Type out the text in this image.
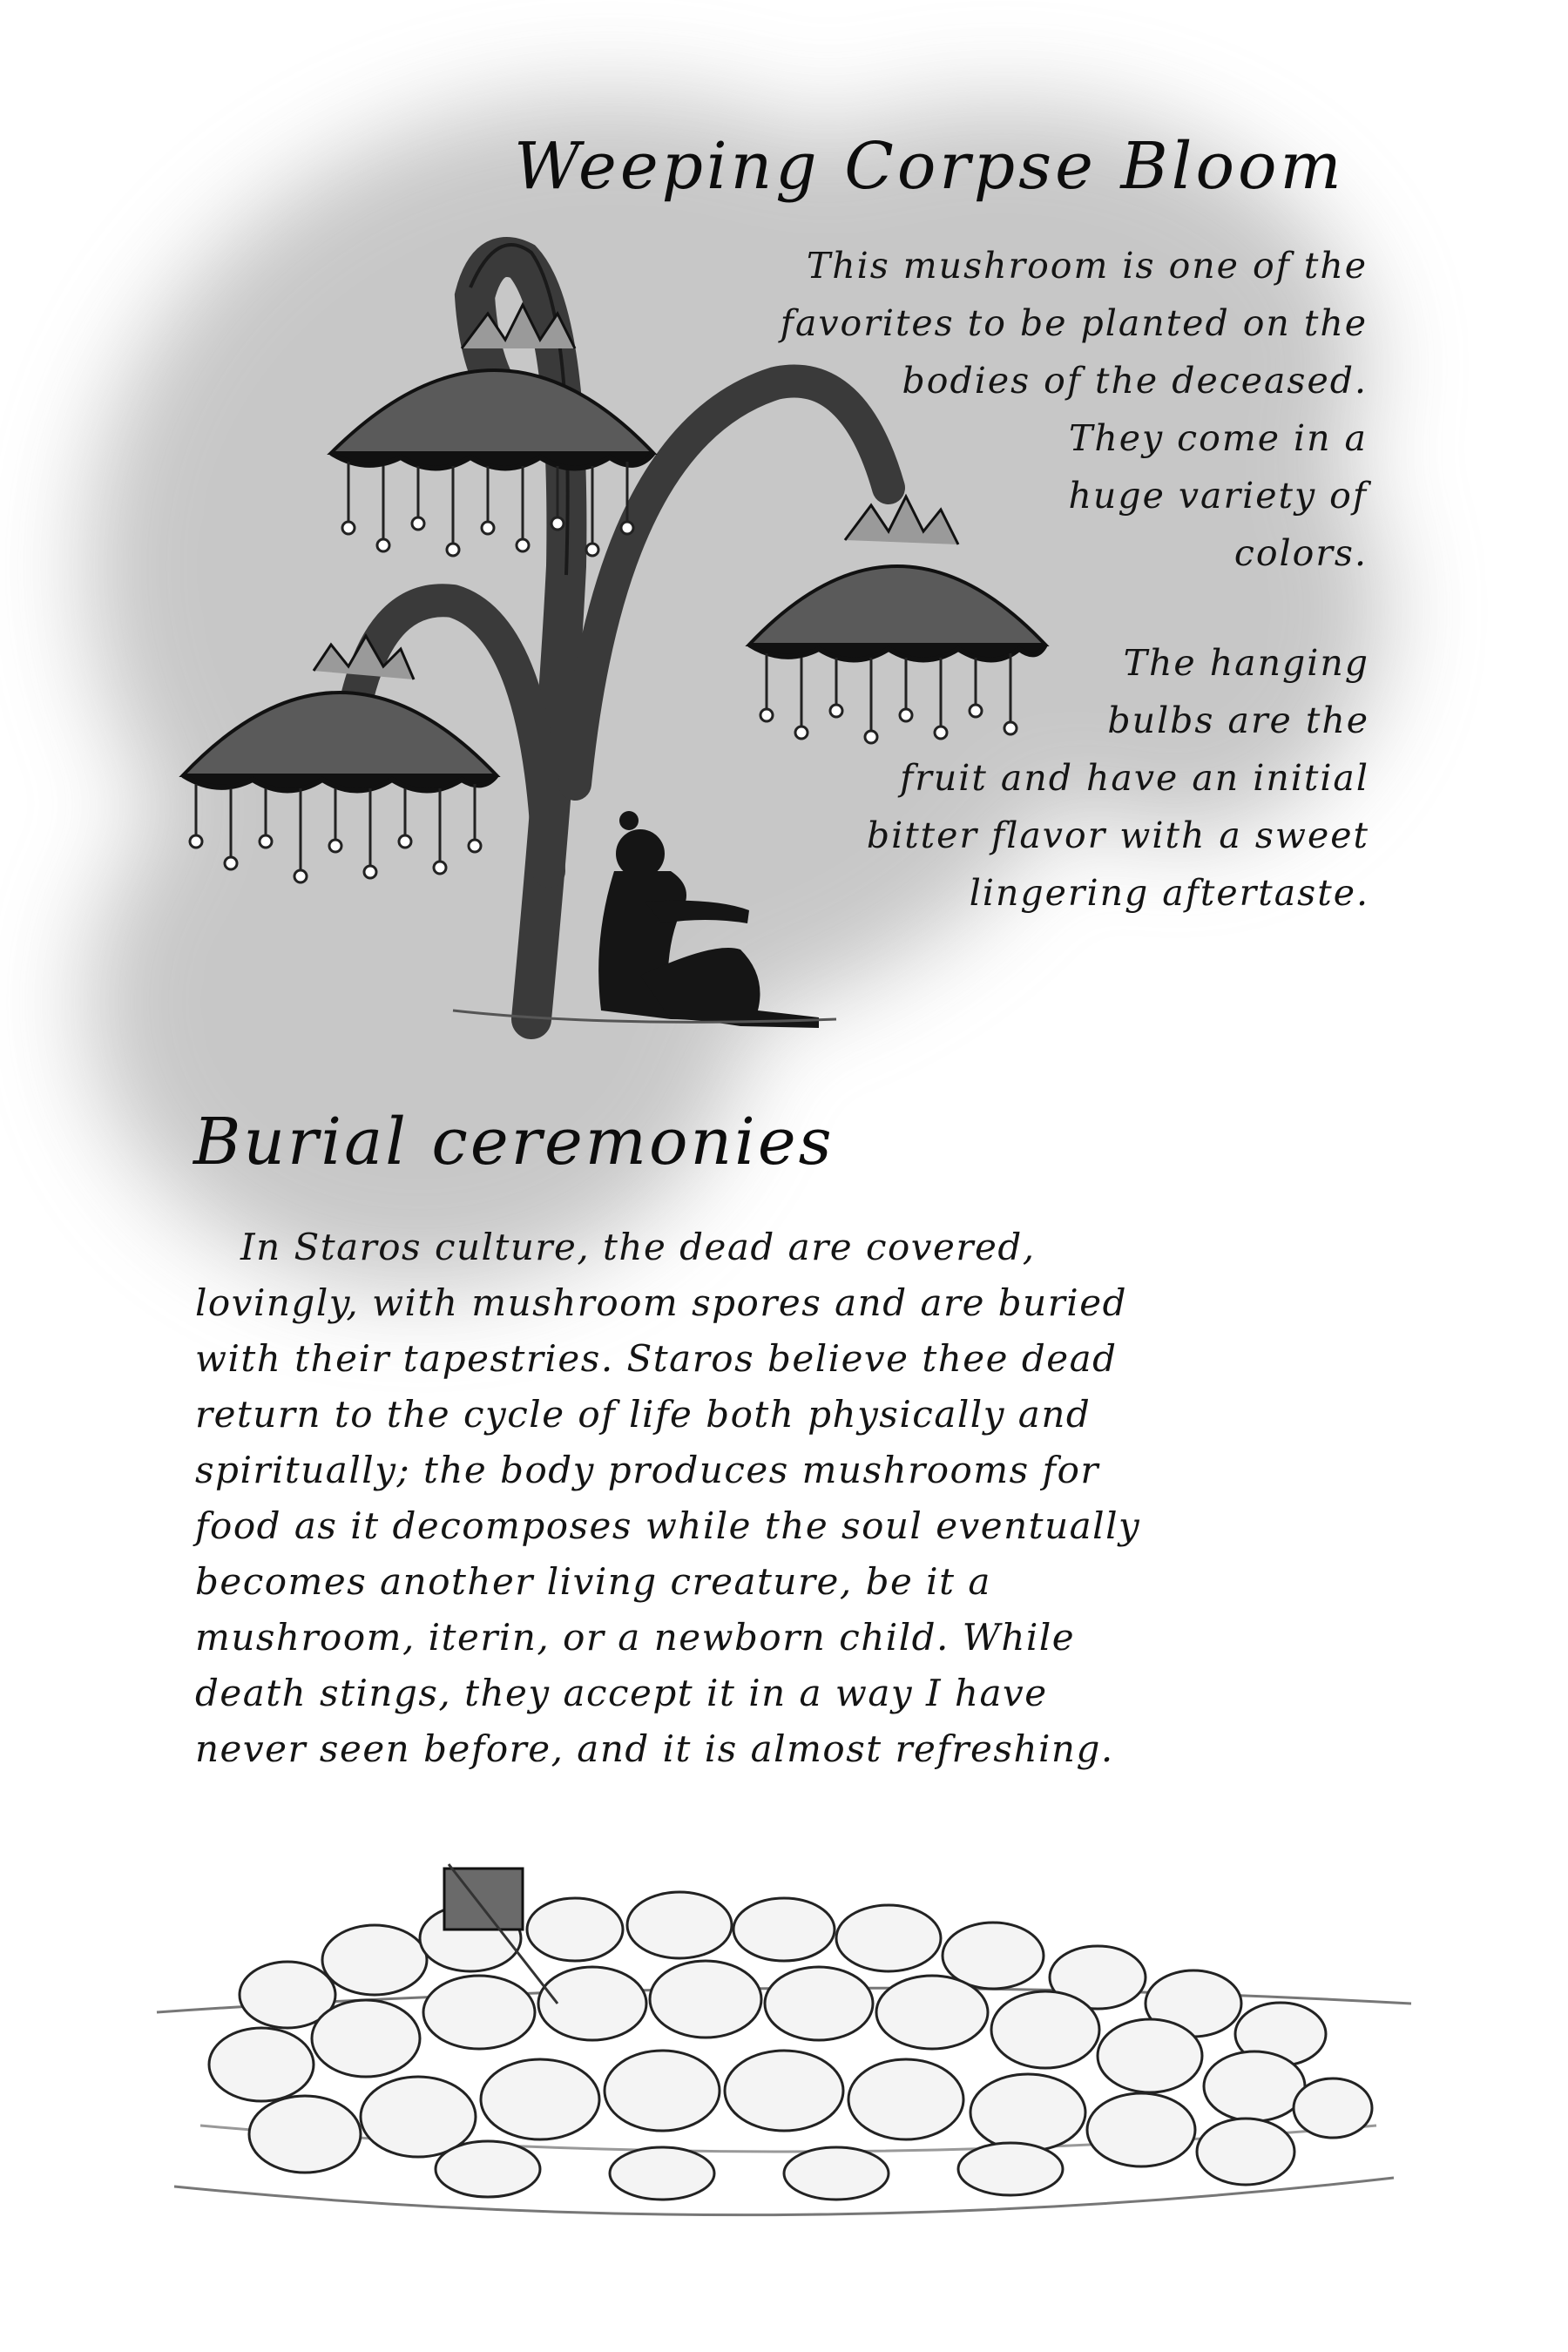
Weeping Corpse Bloom
This mushroom is one of the
favorites to be planted on the
bodies of the deceased.
They come in a
huge variety of
colors.
The hanging
bulbs are the
fruit and have an initial
bitter flavor with a sweet
lingering aftertaste.
Burial ceremonies
In Staros culture, the dead are covered,
lovingly, with mushroom spores and are buried
with their tapestries. Staros believe thee dead
return to the cycle of life both physically and
spiritually; the body produces mushrooms for
food as it decomposes while the soul eventually
becomes another living creature, be it a
mushroom, iterin, or a newborn child. While
death stings, they accept it in a way I have
never seen before, and it is almost refreshing.
